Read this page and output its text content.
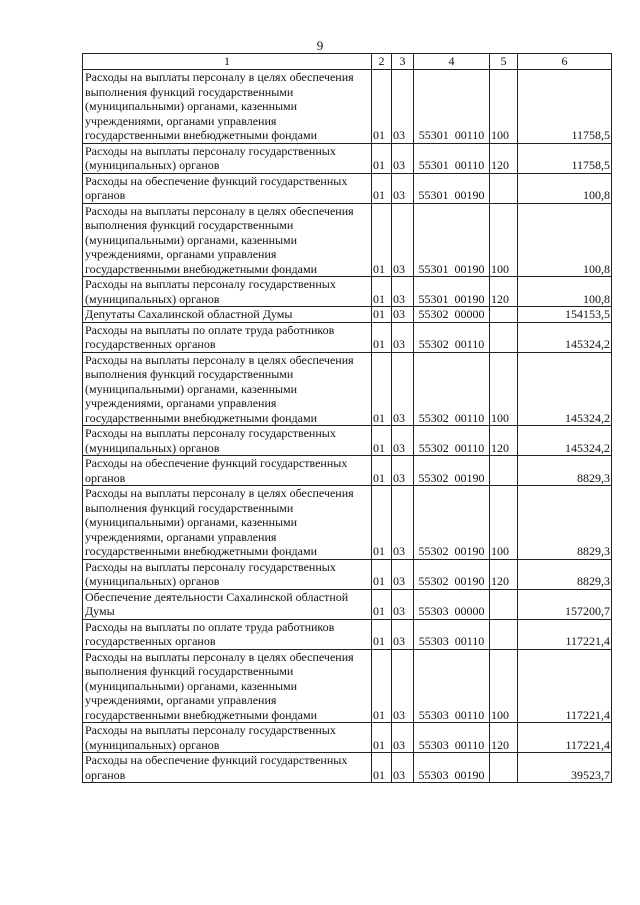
9
1	2	3	4	5	6
Расходы на выплаты персоналу в целях обеспечения выполнения функций государственными (муниципальными) органами, казенными учреждениями, органами управления государственными внебюджетными фондами	01	03	55301 00110	100	11758,5
Расходы на выплаты персоналу государственных (муниципальных) органов	01	03	55301 00110	120	11758,5
Расходы на обеспечение функций государственных органов	01	03	55301 00190		100,8
Расходы на выплаты персоналу в целях обеспечения выполнения функций государственными (муниципальными) органами, казенными учреждениями, органами управления государственными внебюджетными фондами	01	03	55301 00190	100	100,8
Расходы на выплаты персоналу государственных (муниципальных) органов	01	03	55301 00190	120	100,8
Депутаты Сахалинской областной Думы	01	03	55302 00000		154153,5
Расходы на выплаты по оплате труда работников государственных органов	01	03	55302 00110		145324,2
Расходы на выплаты персоналу в целях обеспечения выполнения функций государственными (муниципальными) органами, казенными учреждениями, органами управления государственными внебюджетными фондами	01	03	55302 00110	100	145324,2
Расходы на выплаты персоналу государственных (муниципальных) органов	01	03	55302 00110	120	145324,2
Расходы на обеспечение функций государственных органов	01	03	55302 00190		8829,3
Расходы на выплаты персоналу в целях обеспечения выполнения функций государственными (муниципальными) органами, казенными учреждениями, органами управления государственными внебюджетными фондами	01	03	55302 00190	100	8829,3
Расходы на выплаты персоналу государственных (муниципальных) органов	01	03	55302 00190	120	8829,3
Обеспечение деятельности Сахалинской областной Думы	01	03	55303 00000		157200,7
Расходы на выплаты по оплате труда работников государственных органов	01	03	55303 00110		117221,4
Расходы на выплаты персоналу в целях обеспечения выполнения функций государственными (муниципальными) органами, казенными учреждениями, органами управления государственными внебюджетными фондами	01	03	55303 00110	100	117221,4
Расходы на выплаты персоналу государственных (муниципальных) органов	01	03	55303 00110	120	117221,4
Расходы на обеспечение функций государственных органов	01	03	55303 00190		39523,7
